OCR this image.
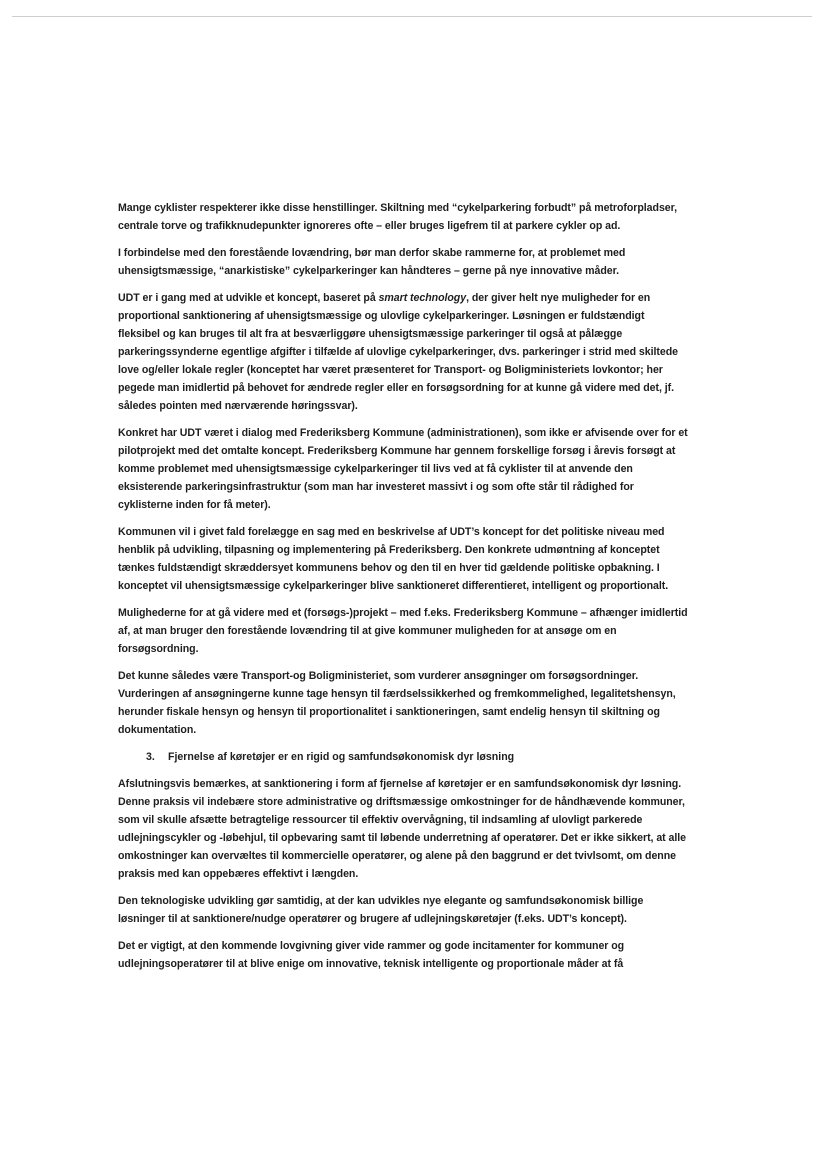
Mange cyklister respekterer ikke disse henstillinger. Skiltning med “cykelparkering forbudt” på metroforpladser, centrale torve og trafikknudepunkter ignoreres ofte – eller bruges ligefrem til at parkere cykler op ad.

I forbindelse med den forestående lovændring, bør man derfor skabe rammerne for, at problemet med uhensigtsmæssige, “anarkistiske” cykelparkeringer kan håndteres – gerne på nye innovative måder.

UDT er i gang med at udvikle et koncept, baseret på smart technology, der giver helt nye muligheder for en proportional sanktionering af uhensigtsmæssige og ulovlige cykelparkeringer. Løsningen er fuldstændigt fleksibel og kan bruges til alt fra at besværliggøre uhensigtsmæssige parkeringer til også at pålægge parkeringssynderne egentlige afgifter i tilfælde af ulovlige cykelparkeringer, dvs. parkeringer i strid med skiltede love og/eller lokale regler (konceptet har været præsenteret for Transport- og Boligministeriets lovkontor; her pegede man imidlertid på behovet for ændrede regler eller en forsøgsordning for at kunne gå videre med det, jf. således pointen med nærværende høringssvar).

Konkret har UDT været i dialog med Frederiksberg Kommune (administrationen), som ikke er afvisende over for et pilotprojekt med det omtalte koncept. Frederiksberg Kommune har gennem forskellige forsøg i årevis forsøgt at komme problemet med uhensigtsmæssige cykelparkeringer til livs ved at få cyklister til at anvende den eksisterende parkeringsinfrastruktur (som man har investeret massivt i og som ofte står til rådighed for cyklisterne inden for få meter).

Kommunen vil i givet fald forelægge en sag med en beskrivelse af UDT’s koncept for det politiske niveau med henblik på udvikling, tilpasning og implementering på Frederiksberg. Den konkrete udmøntning af konceptet tænkes fuldstændigt skræddersyet kommunens behov og den til en hver tid gældende politiske opbakning. I konceptet vil uhensigtsmæssige cykelparkeringer blive sanktioneret differentieret, intelligent og proportionalt.

Mulighederne for at gå videre med et (forsøgs-)projekt – med f.eks. Frederiksberg Kommune – afhænger imidlertid af, at man bruger den forestående lovændring til at give kommuner muligheden for at ansøge om en forsøgsordning.

Det kunne således være Transport-og Boligministeriet, som vurderer ansøgninger om forsøgsordninger. Vurderingen af ansøgningerne kunne tage hensyn til færdselssikkerhed og fremkommelighed, legalitetshensyn, herunder fiskale hensyn og hensyn til proportionalitet i sanktioneringen, samt endelig hensyn til skiltning og dokumentation.

3. Fjernelse af køretøjer er en rigid og samfundsøkonomisk dyr løsning

Afslutningsvis bemærkes, at sanktionering i form af fjernelse af køretøjer er en samfundsøkonomisk dyr løsning. Denne praksis vil indebære store administrative og driftsmæssige omkostninger for de håndhævende kommuner, som vil skulle afsætte betragtelige ressourcer til effektiv overvågning, til indsamling af ulovligt parkerede udlejningscykler og -løbehjul, til opbevaring samt til løbende underretning af operatører. Det er ikke sikkert, at alle omkostninger kan overvæltes til kommercielle operatører, og alene på den baggrund er det tvivlsomt, om denne praksis med kan oppebæres effektivt i længden.

Den teknologiske udvikling gør samtidig, at der kan udvikles nye elegante og samfundsøkonomisk billige løsninger til at sanktionere/nudge operatører og brugere af udlejningskøretøjer (f.eks. UDT’s koncept).

Det er vigtigt, at den kommende lovgivning giver vide rammer og gode incitamenter for kommuner og udlejningsoperatører til at blive enige om innovative, teknisk intelligente og proportionale måder at få
